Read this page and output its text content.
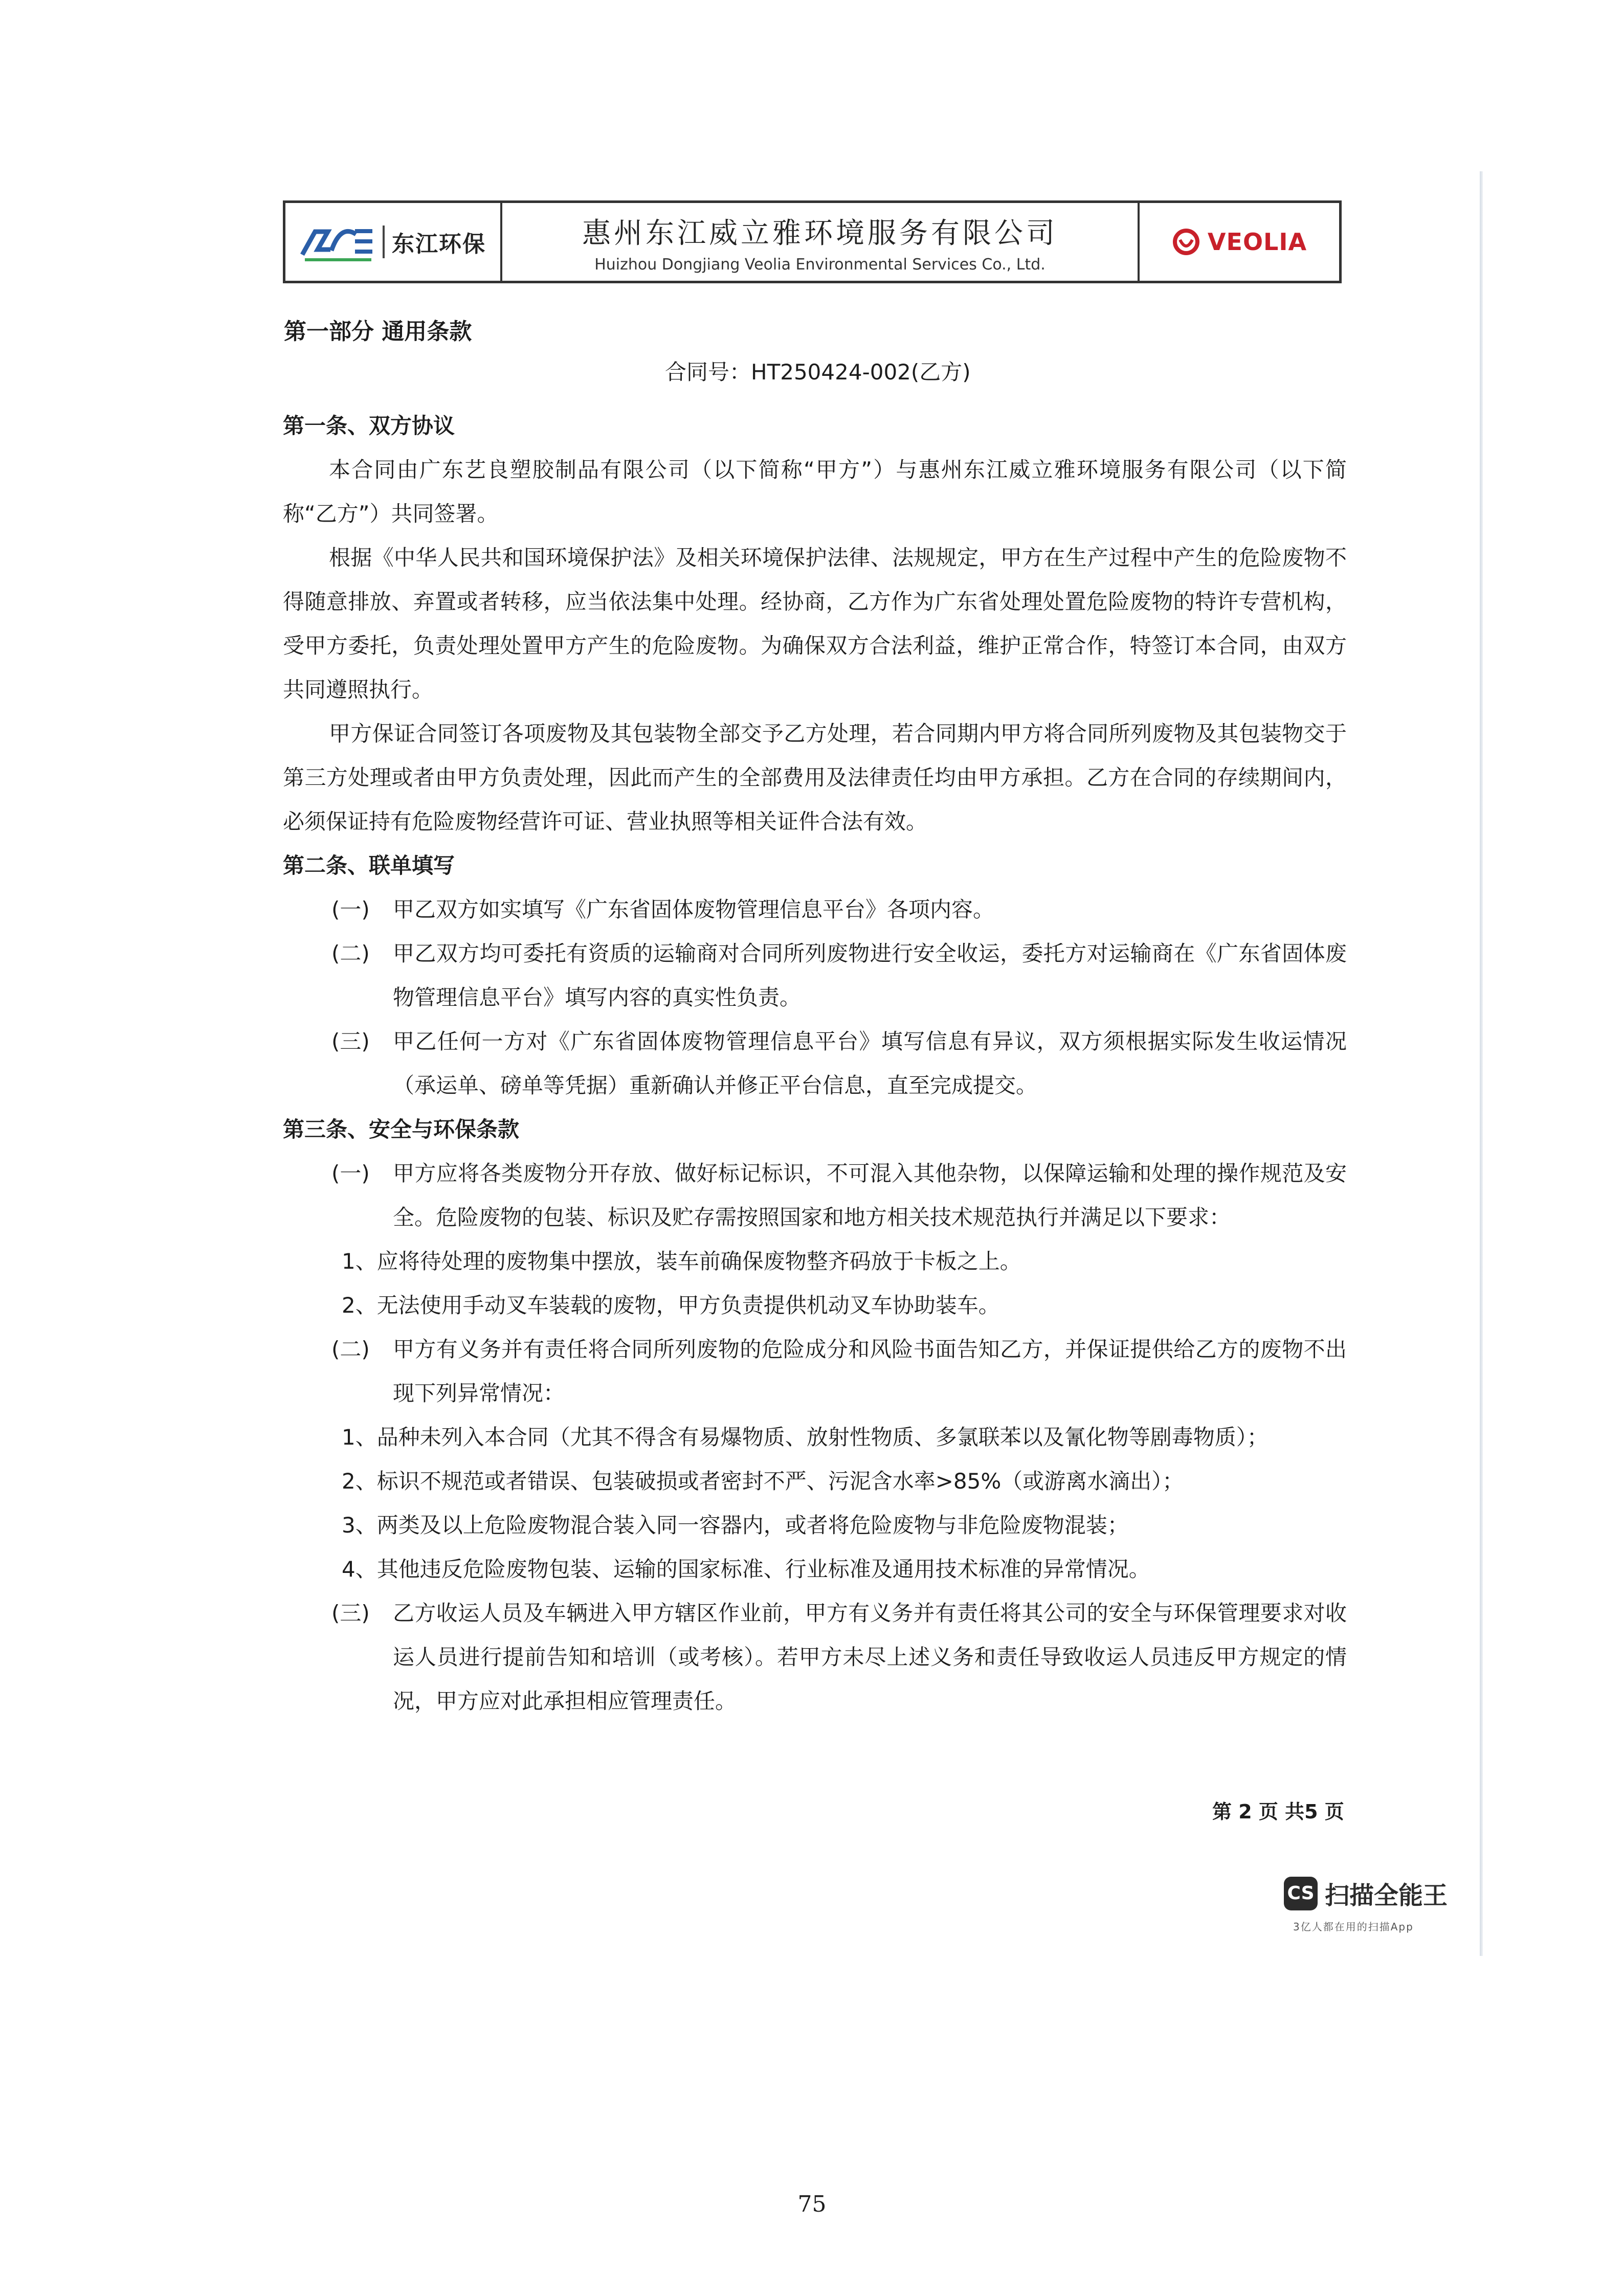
东江环保	惠州东江威立雅环境服务有限公司
Huizhou Dongjiang Veolia Environmental Services Co., Ltd.
VEOLIA
第一部分 通用条款
合同号：HT250424-002(乙方)

第一条、双方协议

本合同由广东艺良塑胶制品有限公司（以下简称“甲方”）与惠州东江威立雅环境服务有限公司（以下简称“乙方”）共同签署。

根据《中华人民共和国环境保护法》及相关环境保护法律、法规规定，甲方在生产过程中产生的危险废物不得随意排放、弃置或者转移，应当依法集中处理。经协商，乙方作为广东省处理处置危险废物的特许专营机构，受甲方委托，负责处理处置甲方产生的危险废物。为确保双方合法利益，维护正常合作，特签订本合同，由双方共同遵照执行。

甲方保证合同签订各项废物及其包装物全部交予乙方处理，若合同期内甲方将合同所列废物及其包装物交于第三方处理或者由甲方负责处理，因此而产生的全部费用及法律责任均由甲方承担。乙方在合同的存续期间内，必须保证持有危险废物经营许可证、营业执照等相关证件合法有效。

第二条、联单填写

(一)	甲乙双方如实填写《广东省固体废物管理信息平台》各项内容。
(二)	甲乙双方均可委托有资质的运输商对合同所列废物进行安全收运，委托方对运输商在《广东省固体废物管理信息平台》填写内容的真实性负责。
(三)	甲乙任何一方对《广东省固体废物管理信息平台》填写信息有异议，双方须根据实际发生收运情况（承运单、磅单等凭据）重新确认并修正平台信息，直至完成提交。

第三条、安全与环保条款

(一)	甲方应将各类废物分开存放、做好标记标识，不可混入其他杂物，以保障运输和处理的操作规范及安全。危险废物的包装、标识及贮存需按照国家和地方相关技术规范执行并满足以下要求：

1、应将待处理的废物集中摆放，装车前确保废物整齐码放于卡板之上。

2、无法使用手动叉车装载的废物，甲方负责提供机动叉车协助装车。

(二)	甲方有义务并有责任将合同所列废物的危险成分和风险书面告知乙方，并保证提供给乙方的废物不出现下列异常情况：

1、品种未列入本合同（尤其不得含有易爆物质、放射性物质、多氯联苯以及氰化物等剧毒物质）；

2、标识不规范或者错误、包装破损或者密封不严、污泥含水率>85%（或游离水滴出）；

3、两类及以上危险废物混合装入同一容器内，或者将危险废物与非危险废物混装；

4、其他违反危险废物包装、运输的国家标准、行业标准及通用技术标准的异常情况。

(三)	乙方收运人员及车辆进入甲方辖区作业前，甲方有义务并有责任将其公司的安全与环保管理要求对收运人员进行提前告知和培训（或考核）。若甲方未尽上述义务和责任导致收运人员违反甲方规定的情况，甲方应对此承担相应管理责任。
第 2 页 共5 页
CS 扫描全能王
3亿人都在用的扫描App
75
